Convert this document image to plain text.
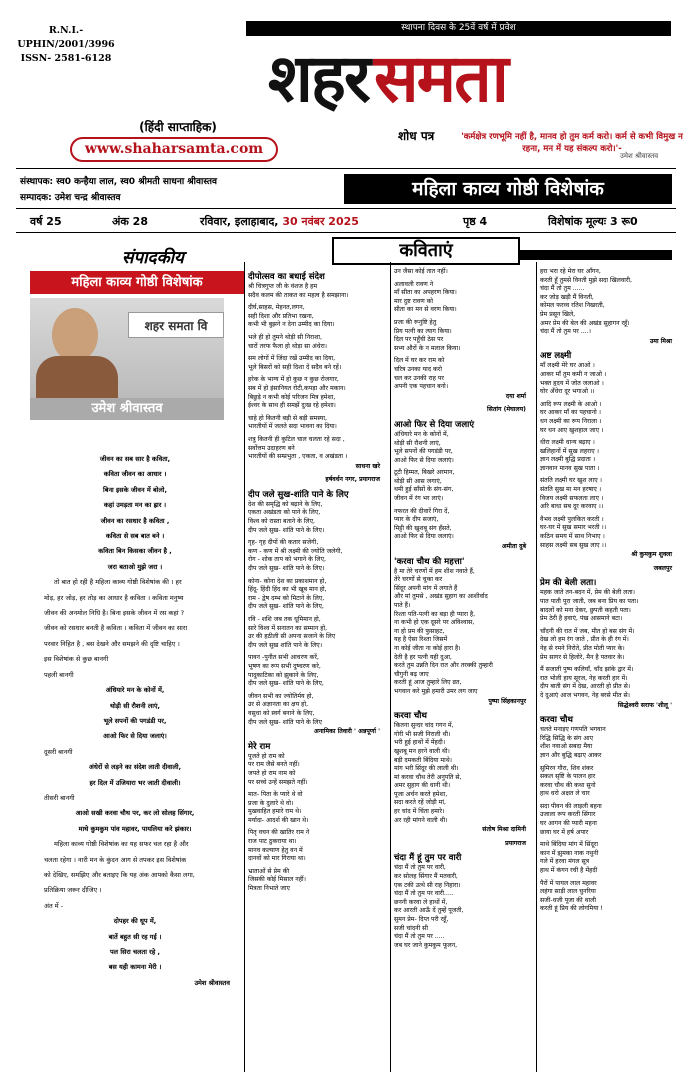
स्थापना दिवस के 25वें वर्ष में प्रवेश
R.N.I.-
UPHIN/2001/3996
ISSN- 2581-6128 शहर समता
(हिंदी साप्ताहिक)
www.shaharsamta.com
शोध पत्र	'कर्मक्षेत्र रणभूमि नहीं है, मानव हो तुम कर्म करो। कर्म से कभी विमुख न रहना, मन में यह संकल्प करो।'-
उमेश श्रीवास्तव
संस्थापक: स्व0 कन्हैया लाल, स्व0 श्रीमती साधना श्रीवास्तव
सम्पादक: उमेश चन्द्र श्रीवास्तव	महिला काव्य गोष्ठी विशेषांक
वर्ष 25	अंक 28	रविवार, इलाहाबाद, 30 नवंबर 2025	पृष्ठ 4	विशेषांक मूल्यः 3 रू0
संपादकीय	कविताएं
महिला काव्य गोष्ठी विशेषांक
शहर समता वि
उमेश श्रीवास्तव
जीवन का सब सार है कविता,
कविता जीवन का आधार ।
बिना इसके जीवन में बोलो,
कहां उमड़ता मन का ह्रार ।
जीवन का रसधार है कविता ,
कविता से सब बात बने ।
कविता बिन किसका जीवन है ,
जरा बताओ मुझे जरा ।
तो बात हो रही है महिला काव्य गोष्ठी विशेषांक की । हर
मोड़, हर जोड़, हर तोड़ का आधार है कविता । कविता मनुष्य
जीवन की अनमोल निधि है। बिना इसके जीवन में रस कहां ?
जीवन को रसधार बनती है कविता । कविता में जीवन का सारा
परवार निहित है , बस देखने और समझने की दृष्टि चाहिए ।
इस विशेषांक से कुछ बानगी
पहली बानगी
अंधियारे मन के कोनों में,
थोड़ी सी रौशनी लाएं,
भूले सपनों की पगडंडी पर,
आओ फिर से दिया जलाएं।
दूसरी बानगी
अंधेरों से लड़ने का संदेश लाती दीवाली,
हर दिल में उजियारा भर जाती दीवाली।
तीसरी बानगी
आओ सखी करवा चौथ पर, कर लो सोलह सिंगार,
माथे कुमकुम पांव महावर, पायलिया करे झंकार।
महिला काव्य गोष्ठी विशेषांक का यह सफर चल रहा है और
चलता रहेगा । नारी मन के कुंदन आग से तपकर इस विशेषांक
को देखिए, समझिए और बताइए कि यह अंक आपको कैसा लगा,
प्रतिक्रिया जरूर दीजिए ।
अंत में -
दोपहर की धूप में,
बातें बहुत सी रह गई ।
पल सिरा चलता रहे ,
बस यही कामना मेरी ।
उमेश श्रीवास्तव
दीपोत्सव का बधाई संदेश
श्री चित्रगुप्त जी के वंशज है हम
सदैव कलम की ताकत का महत्व है समझाना।
दीर्घ,साहस, मेहनत,लगन,
सही दिशा और प्रतिभा रखना,
कभी भी बुझने न देना उम्मीद का दिया।
भले ही हो तुमने थोड़ी सी निराशा,
चारों तरफ फैला हो थोड़ा सा अंधेरा।
सम लोगों में जिंदा रखें उम्मीद का दिया,
भूले बिसरों को सही दिशा दें सदैव बने रहें।
हरेक के भाग्य में हो कुछ न कुछ रोजगार,
सब में हो इंसानियत रोटी,कपड़ा और मकान।
बिछुड़े न कभी कोई परिजन मित्र हमेशा,
ईश्वर के साथ ही समझें दुःख रहे हमेशा।
चाहे हो कितनी बड़ी से बड़ी समस्या,
भारतीयों में जलते सदा भावना का दिया।
शत्रु कितनी ही कुटिल चाल चलता रहे सदा ,
सर्वोत्तम उदाहरण बने
भारतीयों की सम्प्रभुता , एकता, व अखंडता ।
साधना खरे
हर्षवर्धन नगर, प्रयागराज
दीप जले सुख-शांति पाने के लिए
देश की समृद्धि को बढ़ाने के लिए,
एकता अखंडता को पाने के लिए,
विश्व को रास्ता बताने के लिए,
दीप जले सुख- शांति पाने के लिए।
गृह- गृह दीपों की कतार सजेगी,
कण - कण में श्री लक्ष्मी की ज्योति जलेगी,
रोग - शोक ताप को भगाने के लिए,
दीप जले सुख- शांति पाने के लिए।
कोना- कोना देश का प्रकाशमान हो,
हिंदू- हिंदी हिंद का भी खूब मान हो,
राम - द्वेष दम्भ को मिटाने के लिए,
दीप जले सुख- शांति पाने के लिए,
रवि - शशि जब तक धूमिमान हो,
सारे विश्व में सनातन का सम्मान हो,
उर की हठीली सी अपना सजाने के लिए
दीप जले सुख शांति पाने के लिए।
पावन -पुनीत सभी आचरण करें,
भूषण का रूप सभी दुष्चरण करे,
पादुकाटिका को झुकाने के लिए,
दीप जले सुख- शांति पाने के लिए,
जीवन सभी का ज्योतिर्मय हो,
उर से अज्ञानता का क्षय हो,
वसुधा को स्वर्ग बनाने के लिए,
दीप जले सुख- शांति पाने के लिए
अनामिका तिवारी ' अन्नपूर्णा '
मेरे राम
पूजते हो राम को
पर राम जैसे बनते नहीं।
जपते हो राम नाम को
पर सच्चे उन्हें समझते नहीं।
मात- पिता के प्यारे थे वो
प्रजा के दुलारे थे वो।
मुखवाहित हमारे राम थे।
मर्यादा- आदर्श की खान थे।
पितृ वचन की खातिर राम ने
राज पाट ठुकराया था।
मानव कल्याण हेतु वन में
दानवों को मार गिराया था।
भ्राताओं से प्रेम की
जिसकी कोई मिसाल नहीं।
मित्रता निभाते जाए
उन जैसा कोई तात नहीं।
अलावली रावण ने
माँ सीता का अपहरण किया।
मार दुष्ट रावण को
सीता का मन से वरण किया।
प्रजा की रूनुष्टि हेतु
प्रिय पत्नी का त्याग किया।
दिल पर पहुँची ठेस पर
सभ्य औरों के न मलाल किया।
दिल में घर कर राम को
चरित्र उनका याद करो
चल कर उनकी राह पर
अपनी एक पहचान बनो।
दया शर्मा
सितांग (मेघालय)
आओ फिर से दिया जलाएं
अंधियारे मन के कोनों में,
थोड़ी सी रौशनी लाएं,
भूले सपनों की पगडंडी पर,
आओ फिर से दिया जलाएं।
टूटी हिम्मत, बिखरे अरमान,
थोड़ी सी आस जगाएं,
थमी हुई साँसों के संग-संग,
जीवन में रंग भर लाएं।
नफरत की दीवारें गिरा दें,
प्यार के दीप सजाएं,
मिट्टी की खुशबू संग हँसते,
आओ फिर से दिया जलाएं।
अमीता दुबे
'करवा चौथ की महत्ता'
है मा तेरे चरणों में हम शीश नवाते हैं,
तेरे चरणों से चुका कर
सिंदूर अपनी मांग में लगाते हैं
और मां तुमसे , अखंड सुहाग का आशीर्वाद
पाते हैं।
रिश्ता पति-पत्नी का बड़ा ही प्यारा है,
ना कभी हो एक दूसरे पर अविश्वास,
ना हो प्रम की फुसाहट,
यह है ऐसा रिश्ता जिसमें
ना कोई जीता ना कोई हारा है।
देती है हर पत्नी यही दुआ,
करते तुम उन्नति दिन रात और तरक्की तुम्हारी
चौगुनी बढ़ जाए
करती हूं आज तुम्हारे लिए व्रत,
भगवान करे मुझे हमारी उमर लग जाए
पुष्पा सिंहकानपुर
करवा चौथ
कितना सुन्दर चांद गगन में,
गोरी भी सजी निराली थी।
भरी हुई हाथों में मेंहदी।
खुशबू मन हरने वाली थी।
बड़ी दमकती बिंदिया माथे।
मांग भरी सिंदूर की लाली थी।
मां करवा चौथ तेरी अनुपति से,
अमर सुहाग की धानी थी।
पूजा अर्चन करते हमेशा,
सदा करते रहें जोड़ी मां,
हर चांद में चिंता हमारे।
अर रही मांगने वाली थी।
संतोष मिश्रा दामिनी
प्रयागराज
चंदा मैं हूं तुम पर वारी
चंदा मैं तो तुम पर वारी,
कर सोलह सिंगार मैं मतवारी,
एक टकी उत्थे सी राह निहारा।
चंदा मैं तो तुम पर वारी.....
छननी करवा ले हाथों में,
कर आरती आऊँ दें तुम्हें पूजती,
सुमन प्रेम- दिप्त परी रहूँ,
सजी चांदनी सी
चंदा मैं तो तुम पर .....
जब घर जाने कुमकुम फूलन,
हरा भरा रहे मेरा घर आँगन,
करती हूँ तुमसे विनती मुझे सदा खिलवारी,
चंदा मैं तो तुम ......
कर जोड़ खड़ी मैं विनती,
कोमल फरव्व रतिश निखरती,
प्रेम प्रसून खिले,
अमर प्रेम की बेल की अखंड सुहागन रहूँ।
चंदा मैं तो तुम पर ....।
उमा मिश्रा
अष्ट लक्ष्मी
माँ लक्ष्मी मेरे घर आओ ।
आकर माँ तुम कमी न जाओ ।
भक्त हृदय में जोत जलाओ ।
घोर अँधेरा दूर भगाओ ।।
आदि रूप लक्ष्मी के आओ ।
घर आकर माँ का पहचानो ।
धन लक्ष्मी का रूप निराला ।
घर धन आए खुशहाल जाए ।
धीरा लक्ष्मी धान्य बढ़ाए ।
खलिहानों में सुख लहराए ।
ज्ञान लक्ष्मी बुद्धि प्रदाता ।
ज्ञानवान मानव सुख पाता ।
संतति लक्ष्मी घर खुश लाए ।
संतति सुख मा मन हरषाए ।
विजय लक्ष्मी सफलता लाए ।
अरि बाधा सब दूर करवाए ।।
वैभव लक्ष्मी पुलकित करती ।
घर-घर में सुख समार भरती ।।
कठिन समय में साथ निभाए ।
साहस लक्ष्मी सब सुख लाए ।।
श्री कुमकुम शुक्ला
जबलपुर
प्रेम की बेली लता।
महक जाते तन-बदन में, प्रेम की बेली लता।
पात पाती पूरा जाती, जब बना प्रिय का पता।
बादलों को मना देकर, छुपती कहती पता।
प्रेम ठेरी है हवाएं, पंख आसमाने बटा।
चाँदनी की रात में जब, मीत हो बस संग में।
देख लो हम रंग जाते , प्रीत के ही रंग में।
नेह से रमने निरोते, प्रीत मोती प्यार के।
प्रेम सागर से हिलोरे, मैन है पतवार के।
मैं सजाती पुष्प कलियाँ, चाँद झांके द्वार में।
रात भोली हाय सूरज, नेह करती हार में।
दीप बाती संग में देख, आरती हो प्रीत से।
दे दुआएं आज भगवन, नेह बरसे मीत से।
सिद्धेश्वरी सराफ 'शीलू '
करवा चौथ
चलते मनाइए गणपति भगवान
रिद्धि सिद्धि के संग आए
शीश नवाओ सबदा मैया
ज्ञान और बुद्धि बढ़ाए आकर
सुमिरन गौरा, शिव शंकर
सकल सृष्टि के पालन हार
करवा चौथ की कथा सुनो
हाथ धरो अक्षत ले चार
सदा पीवन की लाइली बहना
उजाला रूप करती सिंगार
घर आगन की प्यारी महना
छाया घर में हर्ष अपार
माथे बिंदिया मांग में सिंदूरा
कान में झुमका नाक नथुनी
गले में हरवा मंगल सूत्र
हाथ में कंगन रची है मेंहदी
पैरों में पायल लाल महावर
लहंगा साड़ी लाल चुनरिया
सजी-धजी पूजा की थाली
करती हूं प्रिय की लोगमिया !
